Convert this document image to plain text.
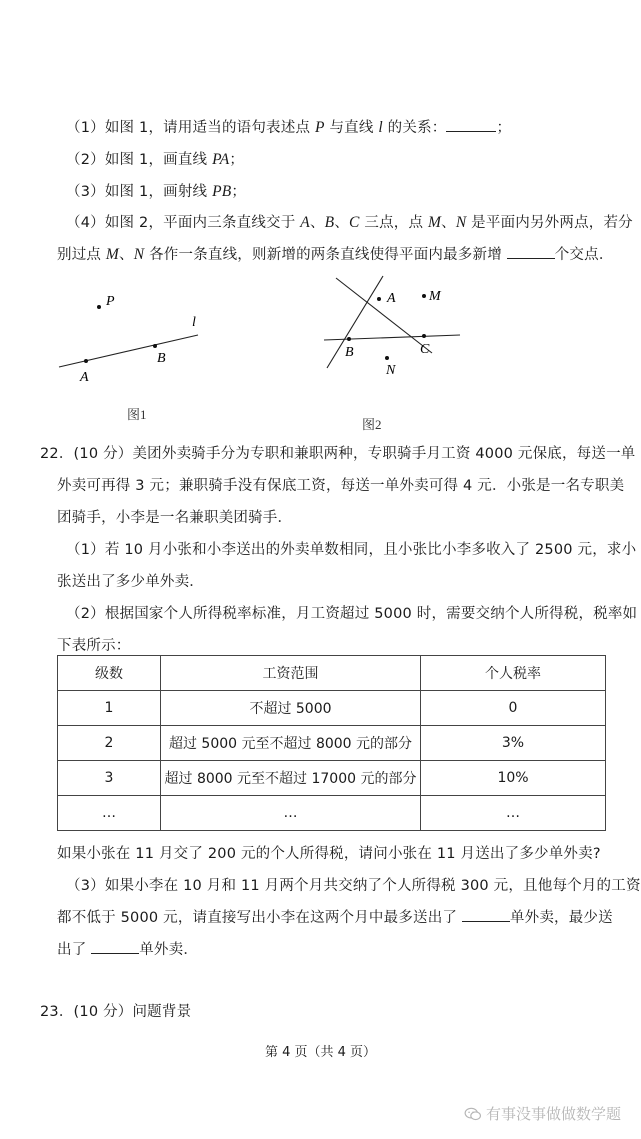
（1）如图 1，请用适当的语句表述点 P 与直线 l 的关系：	；
（2）如图 1，画直线 PA；
（3）如图 1，画射线 PB；
（4）如图 2，平面内三条直线交于 A、B、C 三点，点 M、N 是平面内另外两点，若分
别过点 M、N 各作一条直线，则新增的两条直线使得平面内最多新增	个交点．
P
l
A
B
图1
A M
B	C
N
图2
22．(10 分）美团外卖骑手分为专职和兼职两种，专职骑手月工资 4000 元保底，每送一单
外卖可再得 3 元；兼职骑手没有保底工资，每送一单外卖可得 4 元．小张是一名专职美
团骑手，小李是一名兼职美团骑手．
（1）若 10 月小张和小李送出的外卖单数相同，且小张比小李多收入了 2500 元，求小
张送出了多少单外卖．
（2）根据国家个人所得税率标准，月工资超过 5000 时，需要交纳个人所得税，税率如
下表所示：
级数	工资范围	个人税率
1	不超过 5000	0
2	超过 5000 元至不超过 8000 元的部分	3%
3	超过 8000 元至不超过 17000 元的部分	10%
…	…	…
如果小张在 11 月交了 200 元的个人所得税，请问小张在 11 月送出了多少单外卖?
（3）如果小李在 10 月和 11 月两个月共交纳了个人所得税 300 元，且他每个月的工资
都不低于 5000 元，请直接写出小李在这两个月中最多送出了	单外卖，最少送
出了	单外卖．
23．(10 分）问题背景
第 4 页（共 4 页）
有事没事做做数学题
